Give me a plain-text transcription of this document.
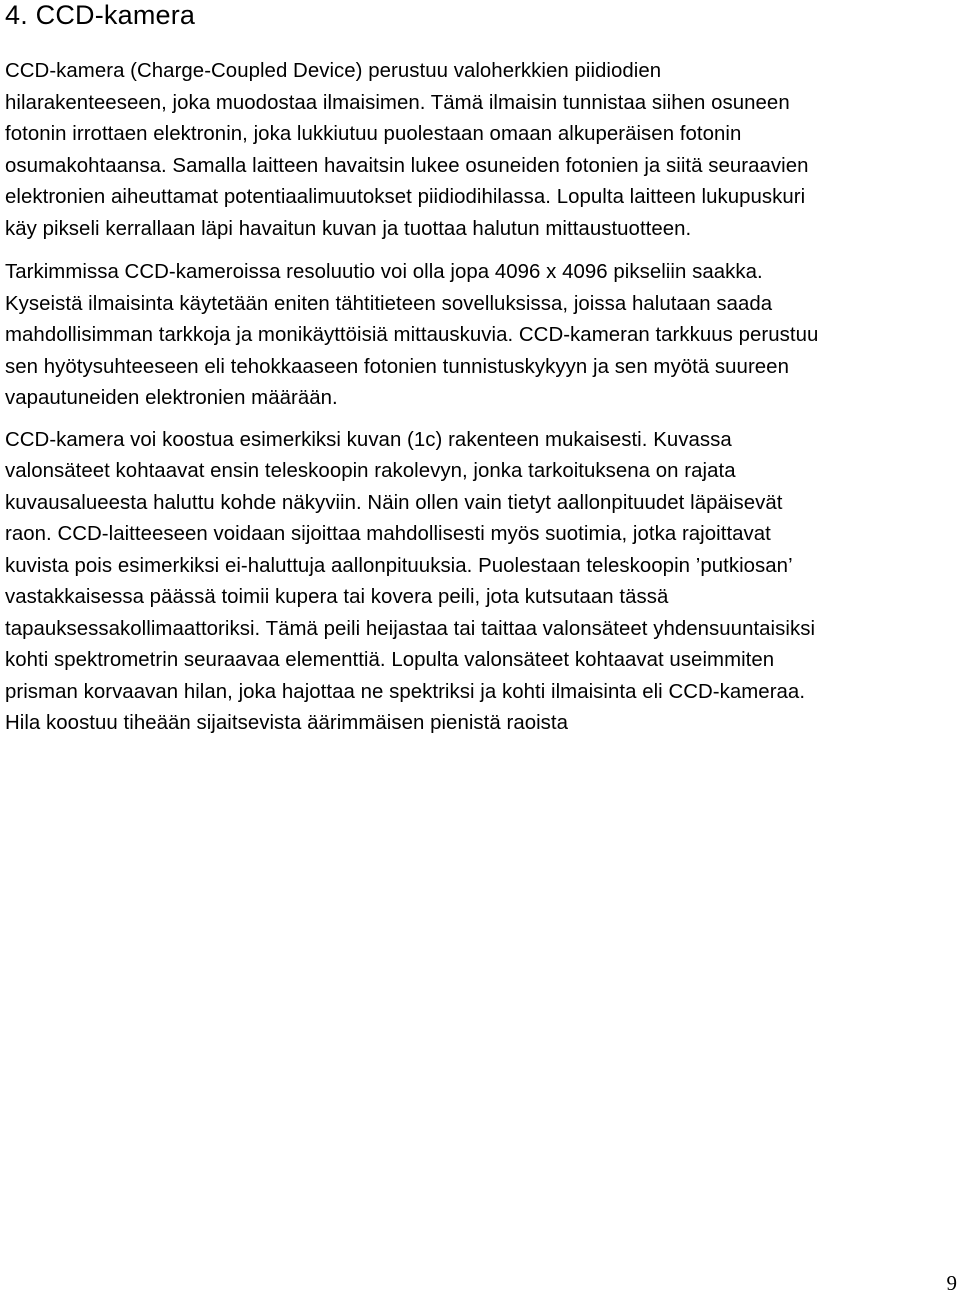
4. CCD-kamera

CCD-kamera (Charge-Coupled Device) perustuu valoherkkien piidiodien
hilarakenteeseen, joka muodostaa ilmaisimen. Tämä ilmaisin tunnistaa siihen osuneen
fotonin irrottaen elektronin, joka lukkiutuu puolestaan omaan alkuperäisen fotonin
osumakohtaansa. Samalla laitteen havaitsin lukee osuneiden fotonien ja siitä seuraavien
elektronien aiheuttamat potentiaalimuutokset piidiodihilassa. Lopulta laitteen lukupuskuri
käy pikseli kerrallaan läpi havaitun kuvan ja tuottaa halutun mittaustuotteen.

Tarkimmissa CCD-kameroissa resoluutio voi olla jopa 4096 x 4096 pikseliin saakka.
Kyseistä ilmaisinta käytetään eniten tähtitieteen sovelluksissa, joissa halutaan saada
mahdollisimman tarkkoja ja monikäyttöisiä mittauskuvia. CCD-kameran tarkkuus perustuu
sen hyötysuhteeseen eli tehokkaaseen fotonien tunnistuskykyyn ja sen myötä suureen
vapautuneiden elektronien määrään.

CCD-kamera voi koostua esimerkiksi kuvan (1c) rakenteen mukaisesti. Kuvassa
valonsäteet kohtaavat ensin teleskoopin rakolevyn, jonka tarkoituksena on rajata
kuvausalueesta haluttu kohde näkyviin. Näin ollen vain tietyt aallonpituudet läpäisevät
raon. CCD-laitteeseen voidaan sijoittaa mahdollisesti myös suotimia, jotka rajoittavat
kuvista pois esimerkiksi ei-haluttuja aallonpituuksia. Puolestaan teleskoopin ’putkiosan’
vastakkaisessa päässä toimii kupera tai kovera peili, jota kutsutaan tässä
tapauksessakollimaattoriksi. Tämä peili heijastaa tai taittaa valonsäteet yhdensuuntaisiksi
kohti spektrometrin seuraavaa elementtiä. Lopulta valonsäteet kohtaavat useimmiten
prisman korvaavan hilan, joka hajottaa ne spektriksi ja kohti ilmaisinta eli CCD-kameraa.
Hila koostuu tiheään sijaitsevista äärimmäisen pienistä raoista

9
